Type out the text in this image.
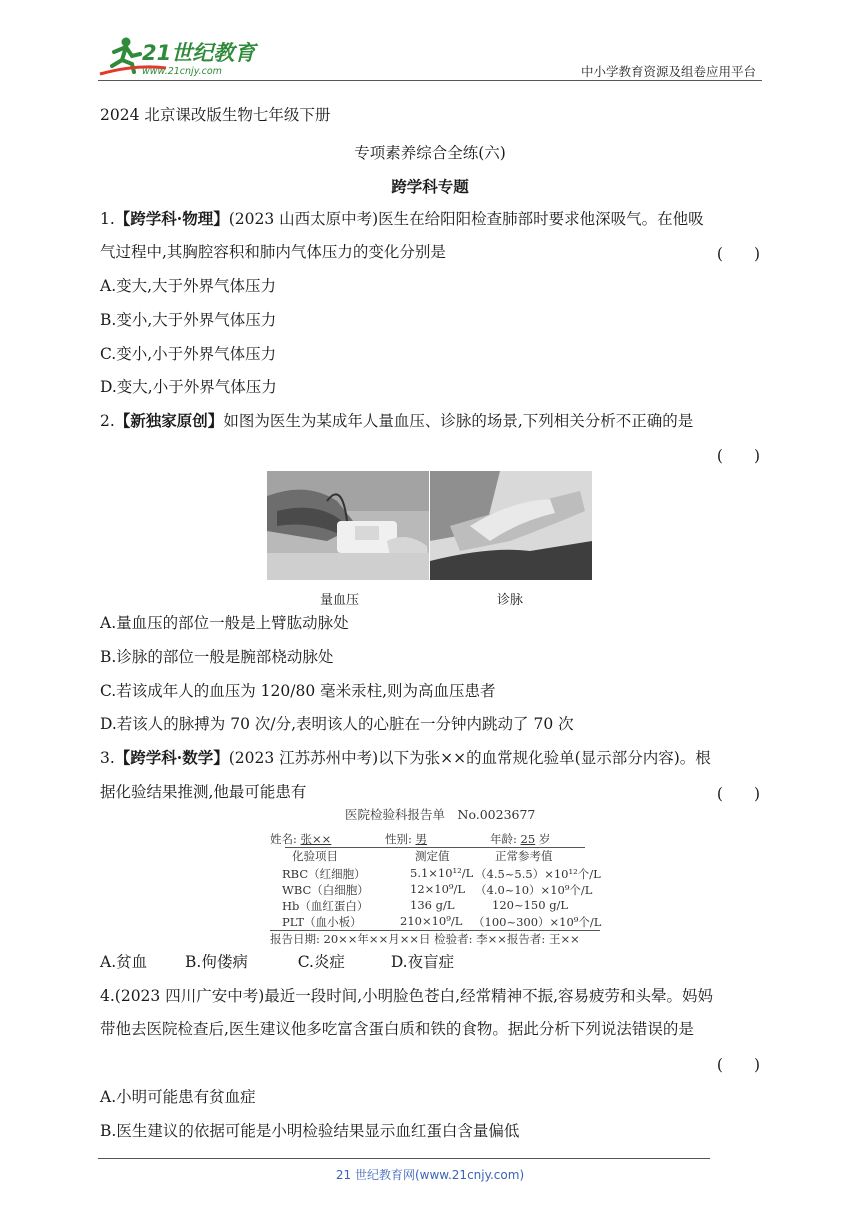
21世纪教育
www.21cnjy.com	中小学教育资源及组卷应用平台
2024 北京课改版生物七年级下册
专项素养综合全练(六)
跨学科专题
1.【跨学科·物理】(2023 山西太原中考)医生在给阳阳检查肺部时要求他深吸气。在他吸
气过程中,其胸腔容积和肺内气体压力的变化分别是	(　　)
A.变大,大于外界气体压力
B.变小,大于外界气体压力
C.变小,小于外界气体压力
D.变大,小于外界气体压力
2.【新独家原创】如图为医生为某成年人量血压、诊脉的场景,下列相关分析不正确的是
(　　)
量血压	诊脉
A.量血压的部位一般是上臂肱动脉处
B.诊脉的部位一般是腕部桡动脉处
C.若该成年人的血压为 120/80 毫米汞柱,则为高血压患者
D.若该人的脉搏为 70 次/分,表明该人的心脏在一分钟内跳动了 70 次
3.【跨学科·数学】(2023 江苏苏州中考)以下为张××的血常规化验单(显示部分内容)。根
据化验结果推测,他最可能患有	(　　)
医院检验科报告单　No.0023677
姓名: 张××	性别: 男	年龄: 25 岁
化验项目	测定值	正常参考值
RBC（红细胞）	5.1×10¹²/L （4.5~5.5）×10¹²个/L
WBC（白细胞）	12×10⁹/L （4.0~10）×10⁹个/L
Hb（血红蛋白）	136 g/L	120~150 g/L
PLT（血小板）	210×10⁹/L （100~300）×10⁹个/L
报告日期: 20××年××月××日 检验者: 李××报告者: 王××
A.贫血 B.佝偻病	C.炎症	D.夜盲症
4.(2023 四川广安中考)最近一段时间,小明脸色苍白,经常精神不振,容易疲劳和头晕。妈妈
带他去医院检查后,医生建议他多吃富含蛋白质和铁的食物。据此分析下列说法错误的是
(　　)
A.小明可能患有贫血症
B.医生建议的依据可能是小明检验结果显示血红蛋白含量偏低
21 世纪教育网(www.21cnjy.com)
